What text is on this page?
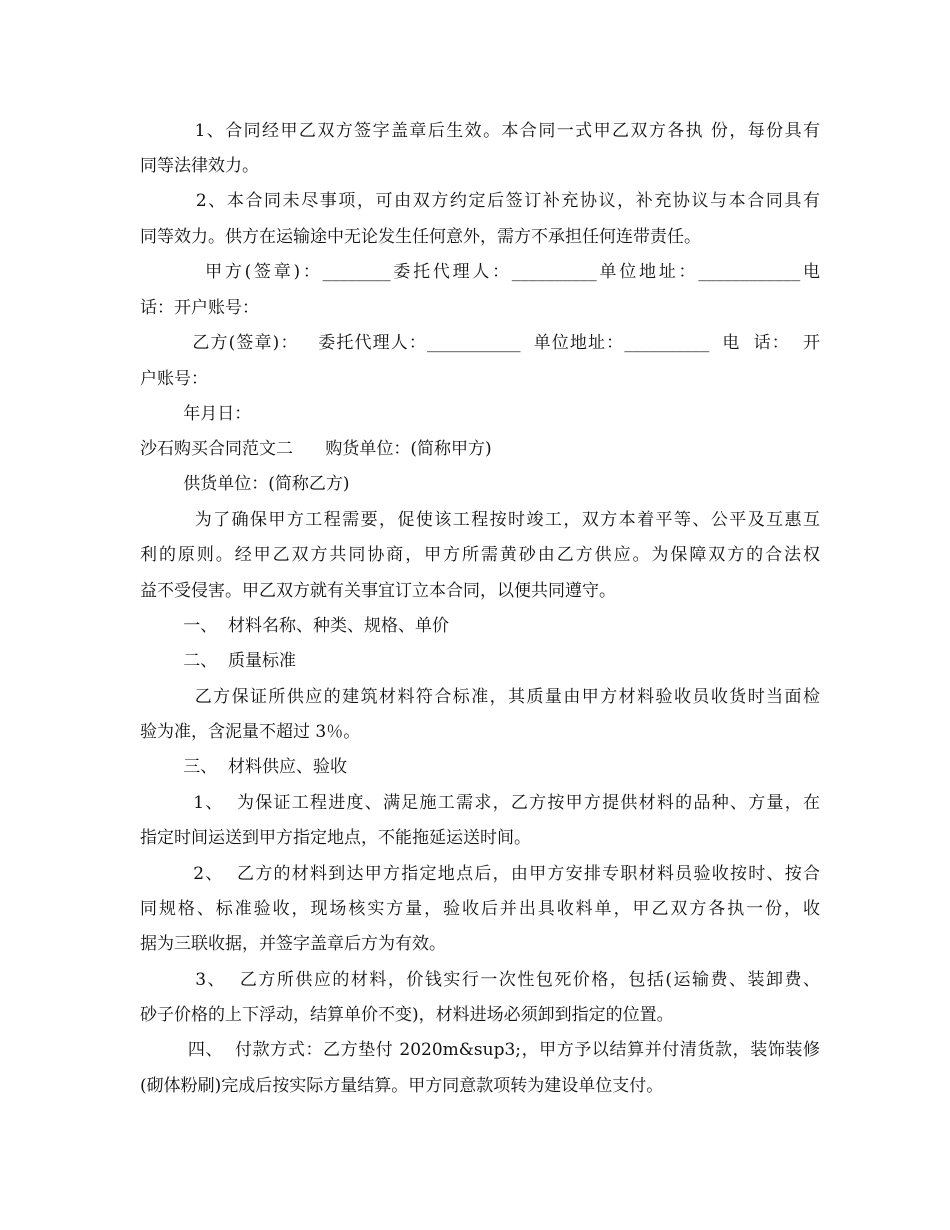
1、合同经甲乙双方签字盖章后生效。本合同一式甲乙双方各执 份，每份具有
同等法律效力。
2、本合同未尽事项，可由双方约定后签订补充协议，补充协议与本合同具有
同等效力。供方在运输途中无论发生任何意外，需方不承担任何连带责任。
甲方(签章)：________委托代理人：__________单位地址：____________电
话：开户账号：
乙方(签章)：   委托代理人：___________  单位地址：__________  电  话：  开
户账号：
年月日：
沙石购买合同范文二      购货单位：(简称甲方)
供货单位：(简称乙方)
为了确保甲方工程需要，促使该工程按时竣工，双方本着平等、公平及互惠互
利的原则。经甲乙双方共同协商，甲方所需黄砂由乙方供应。为保障双方的合法权
益不受侵害。甲乙双方就有关事宜订立本合同，以便共同遵守。
一、  材料名称、种类、规格、单价
二、  质量标准
乙方保证所供应的建筑材料符合标准，其质量由甲方材料验收员收货时当面检
验为准，含泥量不超过 3％。
三、  材料供应、验收
1、  为保证工程进度、满足施工需求，乙方按甲方提供材料的品种、方量，在
指定时间运送到甲方指定地点，不能拖延运送时间。
2、  乙方的材料到达甲方指定地点后，由甲方安排专职材料员验收按时、按合
同规格、标准验收，现场核实方量，验收后并出具收料单，甲乙双方各执一份，收
据为三联收据，并签字盖章后方为有效。
3、  乙方所供应的材料，价钱实行一次性包死价格，包括(运输费、装卸费、
砂子价格的上下浮动，结算单价不变)，材料进场必须卸到指定的位置。
四、  付款方式：乙方垫付 2020m&sup3;，甲方予以结算并付清货款，装饰装修
(砌体粉刷)完成后按实际方量结算。甲方同意款项转为建设单位支付。
